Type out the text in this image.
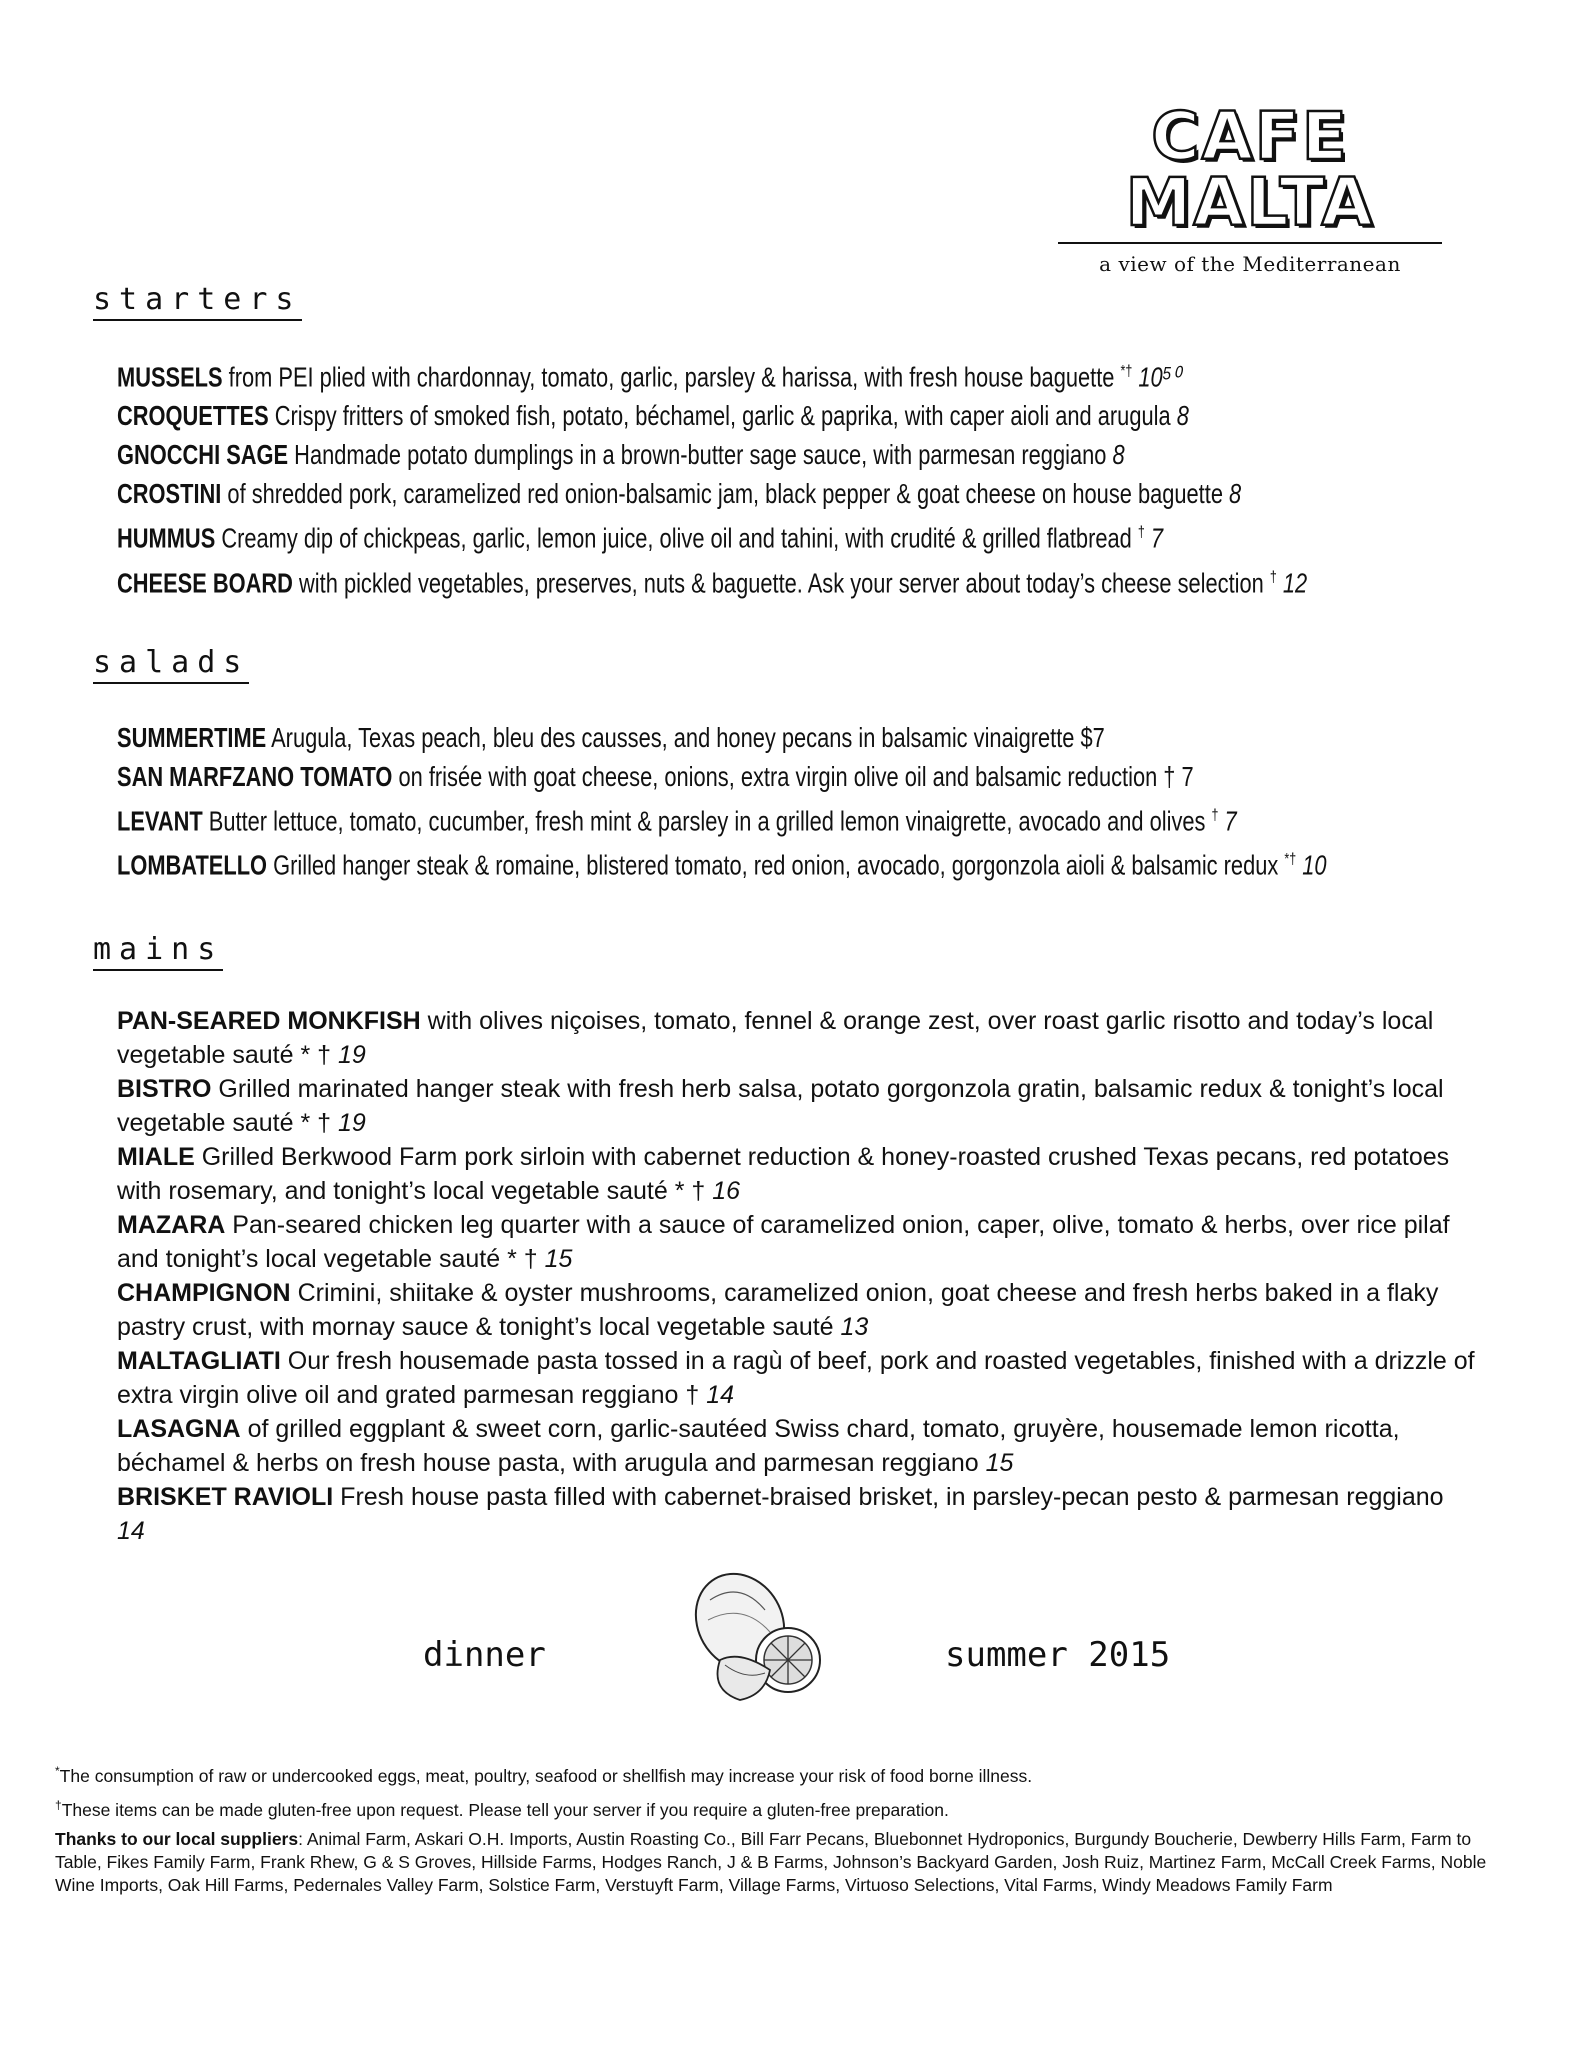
CAFE MALTA
a view of the Mediterranean
starters
MUSSELS from PEI plied with chardonnay, tomato, garlic, parsley & harissa, with fresh house baguette *† 10⁵⁰
CROQUETTES Crispy fritters of smoked fish, potato, béchamel, garlic & paprika, with caper aioli and arugula 8
GNOCCHI SAGE Handmade potato dumplings in a brown-butter sage sauce, with parmesan reggiano 8
CROSTINI of shredded pork, caramelized red onion-balsamic jam, black pepper & goat cheese on house baguette 8
HUMMUS Creamy dip of chickpeas, garlic, lemon juice, olive oil and tahini, with crudité & grilled flatbread † 7
CHEESE BOARD with pickled vegetables, preserves, nuts & baguette. Ask your server about today’s cheese selection † 12
salads
SUMMERTIME Arugula, Texas peach, bleu des causses, and honey pecans in balsamic vinaigrette $7
SAN MARFZANO TOMATO on frisée with goat cheese, onions, extra virgin olive oil and balsamic reduction † 7
LEVANT Butter lettuce, tomato, cucumber, fresh mint & parsley in a grilled lemon vinaigrette, avocado and olives † 7
LOMBATELLO Grilled hanger steak & romaine, blistered tomato, red onion, avocado, gorgonzola aioli & balsamic redux *† 10
mains
PAN-SEARED MONKFISH with olives niçoises, tomato, fennel & orange zest, over roast garlic risotto and today’s local vegetable sauté * † 19
BISTRO Grilled marinated hanger steak with fresh herb salsa, potato gorgonzola gratin, balsamic redux & tonight’s local vegetable sauté * † 19
MIALE Grilled Berkwood Farm pork sirloin with cabernet reduction & honey-roasted crushed Texas pecans, red potatoes with rosemary, and tonight’s local vegetable sauté * † 16
MAZARA Pan-seared chicken leg quarter with a sauce of caramelized onion, caper, olive, tomato & herbs, over rice pilaf and tonight’s local vegetable sauté * † 15
CHAMPIGNON Crimini, shiitake & oyster mushrooms, caramelized onion, goat cheese and fresh herbs baked in a flaky pastry crust, with mornay sauce & tonight’s local vegetable sauté 13
MALTAGLIATI Our fresh housemade pasta tossed in a ragù of beef, pork and roasted vegetables, finished with a drizzle of extra virgin olive oil and grated parmesan reggiano † 14
LASAGNA of grilled eggplant & sweet corn, garlic-sautéed Swiss chard, tomato, gruyère, housemade lemon ricotta, béchamel & herbs on fresh house pasta, with arugula and parmesan reggiano 15
BRISKET RAVIOLI Fresh house pasta filled with cabernet-braised brisket, in parsley-pecan pesto & parmesan reggiano 14
dinner	summer 2015

*The consumption of raw or undercooked eggs, meat, poultry, seafood or shellfish may increase your risk of food borne illness.

†These items can be made gluten-free upon request. Please tell your server if you require a gluten-free preparation.

Thanks to our local suppliers: Animal Farm, Askari O.H. Imports, Austin Roasting Co., Bill Farr Pecans, Bluebonnet Hydroponics, Burgundy Boucherie, Dewberry Hills Farm, Farm to Table, Fikes Family Farm, Frank Rhew, G & S Groves, Hillside Farms, Hodges Ranch, J & B Farms, Johnson’s Backyard Garden, Josh Ruiz, Martinez Farm, McCall Creek Farms, Noble Wine Imports, Oak Hill Farms, Pedernales Valley Farm, Solstice Farm, Verstuyft Farm, Village Farms, Virtuoso Selections, Vital Farms, Windy Meadows Family Farm
